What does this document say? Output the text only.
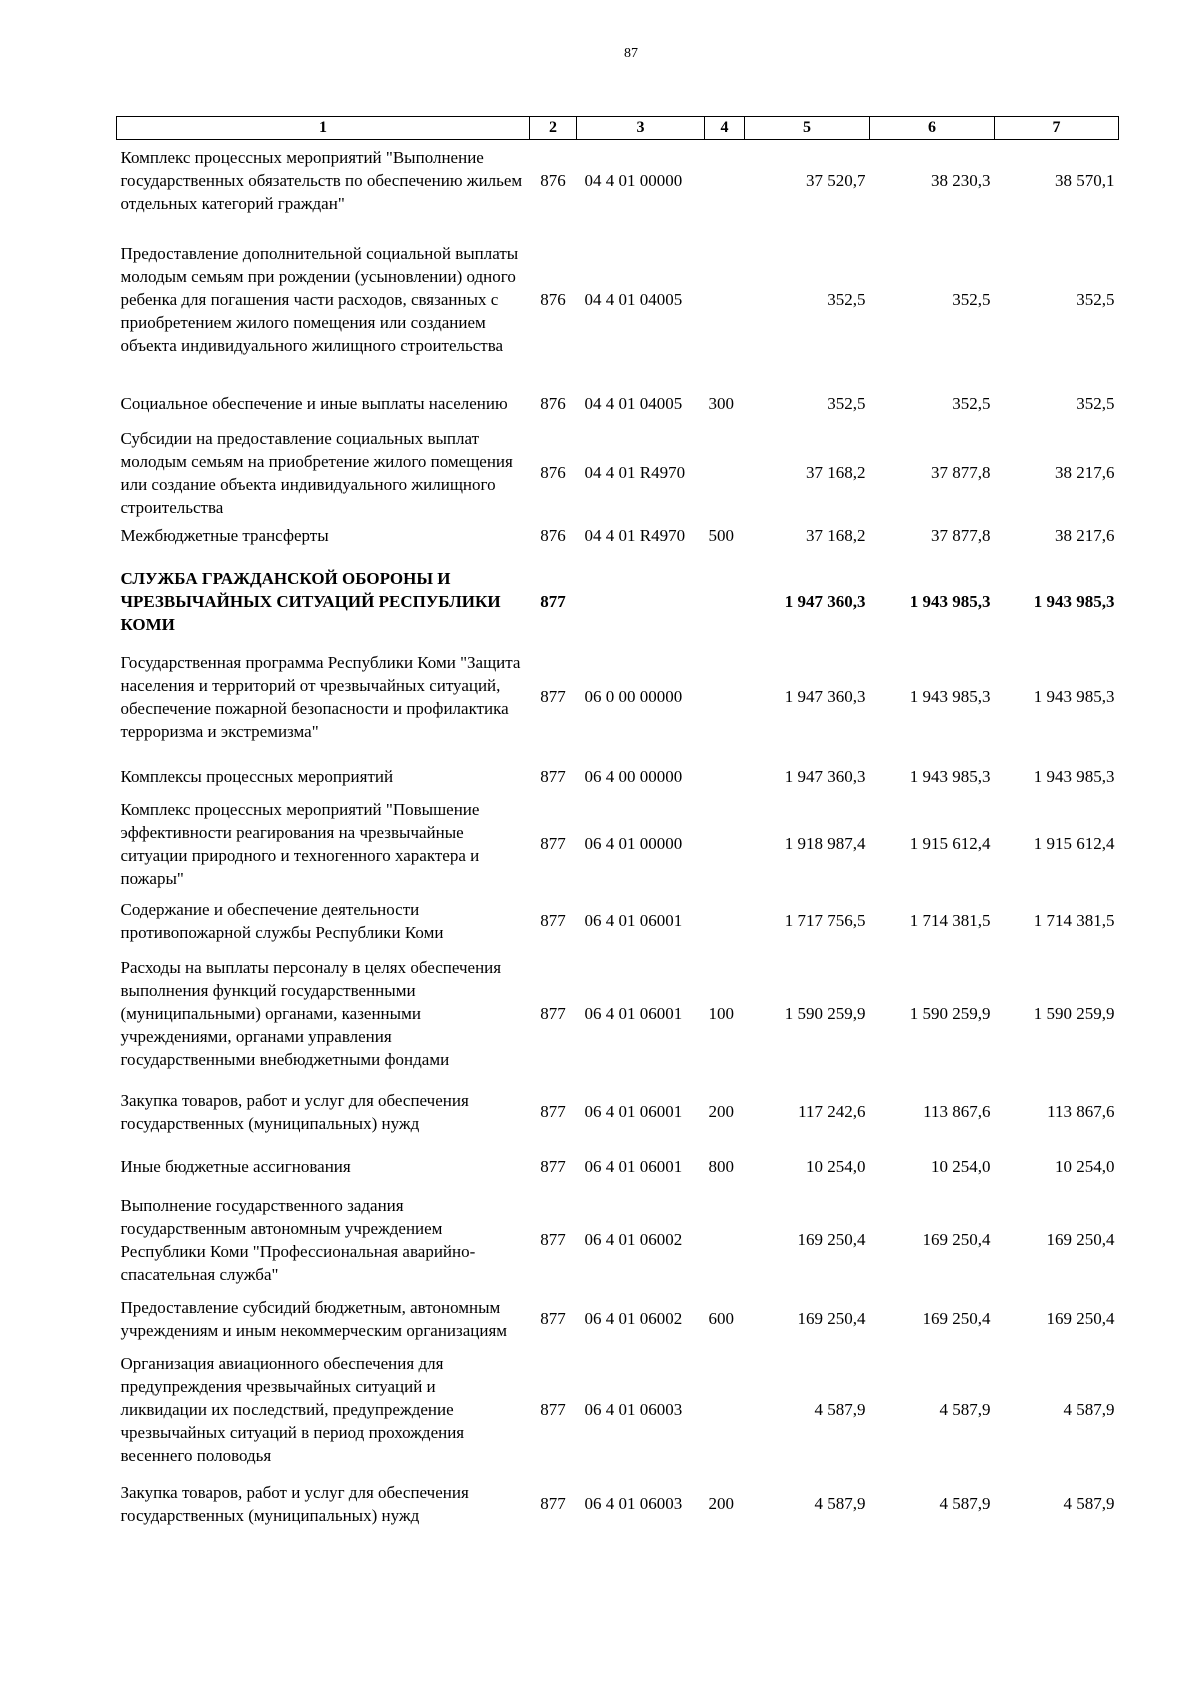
87
1	2	3	4	5	6	7
Комплекс процессных мероприятий "Выполнение государственных обязательств по обеспечению жильем отдельных категорий граждан"	876	04 4 01 00000		37 520,7	38 230,3	38 570,1
Предоставление дополнительной социальной выплаты молодым семьям при рождении (усыновлении) одного ребенка для погашения части расходов, связанных с приобретением жилого помещения или созданием объекта индивидуального жилищного строительства	876	04 4 01 04005		352,5	352,5	352,5
Социальное обеспечение и иные выплаты населению	876	04 4 01 04005	300	352,5	352,5	352,5
Субсидии на предоставление социальных выплат молодым семьям на приобретение жилого помещения или создание объекта индивидуального жилищного строительства	876	04 4 01 R4970		37 168,2	37 877,8	38 217,6
Межбюджетные трансферты	876	04 4 01 R4970	500	37 168,2	37 877,8	38 217,6
СЛУЖБА ГРАЖДАНСКОЙ ОБОРОНЫ И ЧРЕЗВЫЧАЙНЫХ СИТУАЦИЙ РЕСПУБЛИКИ КОМИ	877			1 947 360,3	1 943 985,3	1 943 985,3
Государственная программа Республики Коми "Защита населения и территорий от чрезвычайных ситуаций, обеспечение пожарной безопасности и профилактика терроризма и экстремизма"	877	06 0 00 00000		1 947 360,3	1 943 985,3	1 943 985,3
Комплексы процессных мероприятий	877	06 4 00 00000		1 947 360,3	1 943 985,3	1 943 985,3
Комплекс процессных мероприятий "Повышение эффективности реагирования на чрезвычайные ситуации природного и техногенного характера и пожары"	877	06 4 01 00000		1 918 987,4	1 915 612,4	1 915 612,4
Содержание и обеспечение деятельности противопожарной службы Республики Коми	877	06 4 01 06001		1 717 756,5	1 714 381,5	1 714 381,5
Расходы на выплаты персоналу в целях обеспечения выполнения функций государственными (муниципальными) органами, казенными учреждениями, органами управления государственными внебюджетными фондами	877	06 4 01 06001	100	1 590 259,9	1 590 259,9	1 590 259,9
Закупка товаров, работ и услуг для обеспечения государственных (муниципальных) нужд	877	06 4 01 06001	200	117 242,6	113 867,6	113 867,6
Иные бюджетные ассигнования	877	06 4 01 06001	800	10 254,0	10 254,0	10 254,0
Выполнение государственного задания государственным автономным учреждением Республики Коми "Профессиональная аварийно-спасательная служба"	877	06 4 01 06002		169 250,4	169 250,4	169 250,4
Предоставление субсидий бюджетным, автономным учреждениям и иным некоммерческим организациям	877	06 4 01 06002	600	169 250,4	169 250,4	169 250,4
Организация авиационного обеспечения для предупреждения чрезвычайных ситуаций и ликвидации их последствий, предупреждение чрезвычайных ситуаций в период прохождения весеннего половодья	877	06 4 01 06003		4 587,9	4 587,9	4 587,9
Закупка товаров, работ и услуг для обеспечения государственных (муниципальных) нужд	877	06 4 01 06003	200	4 587,9	4 587,9	4 587,9
